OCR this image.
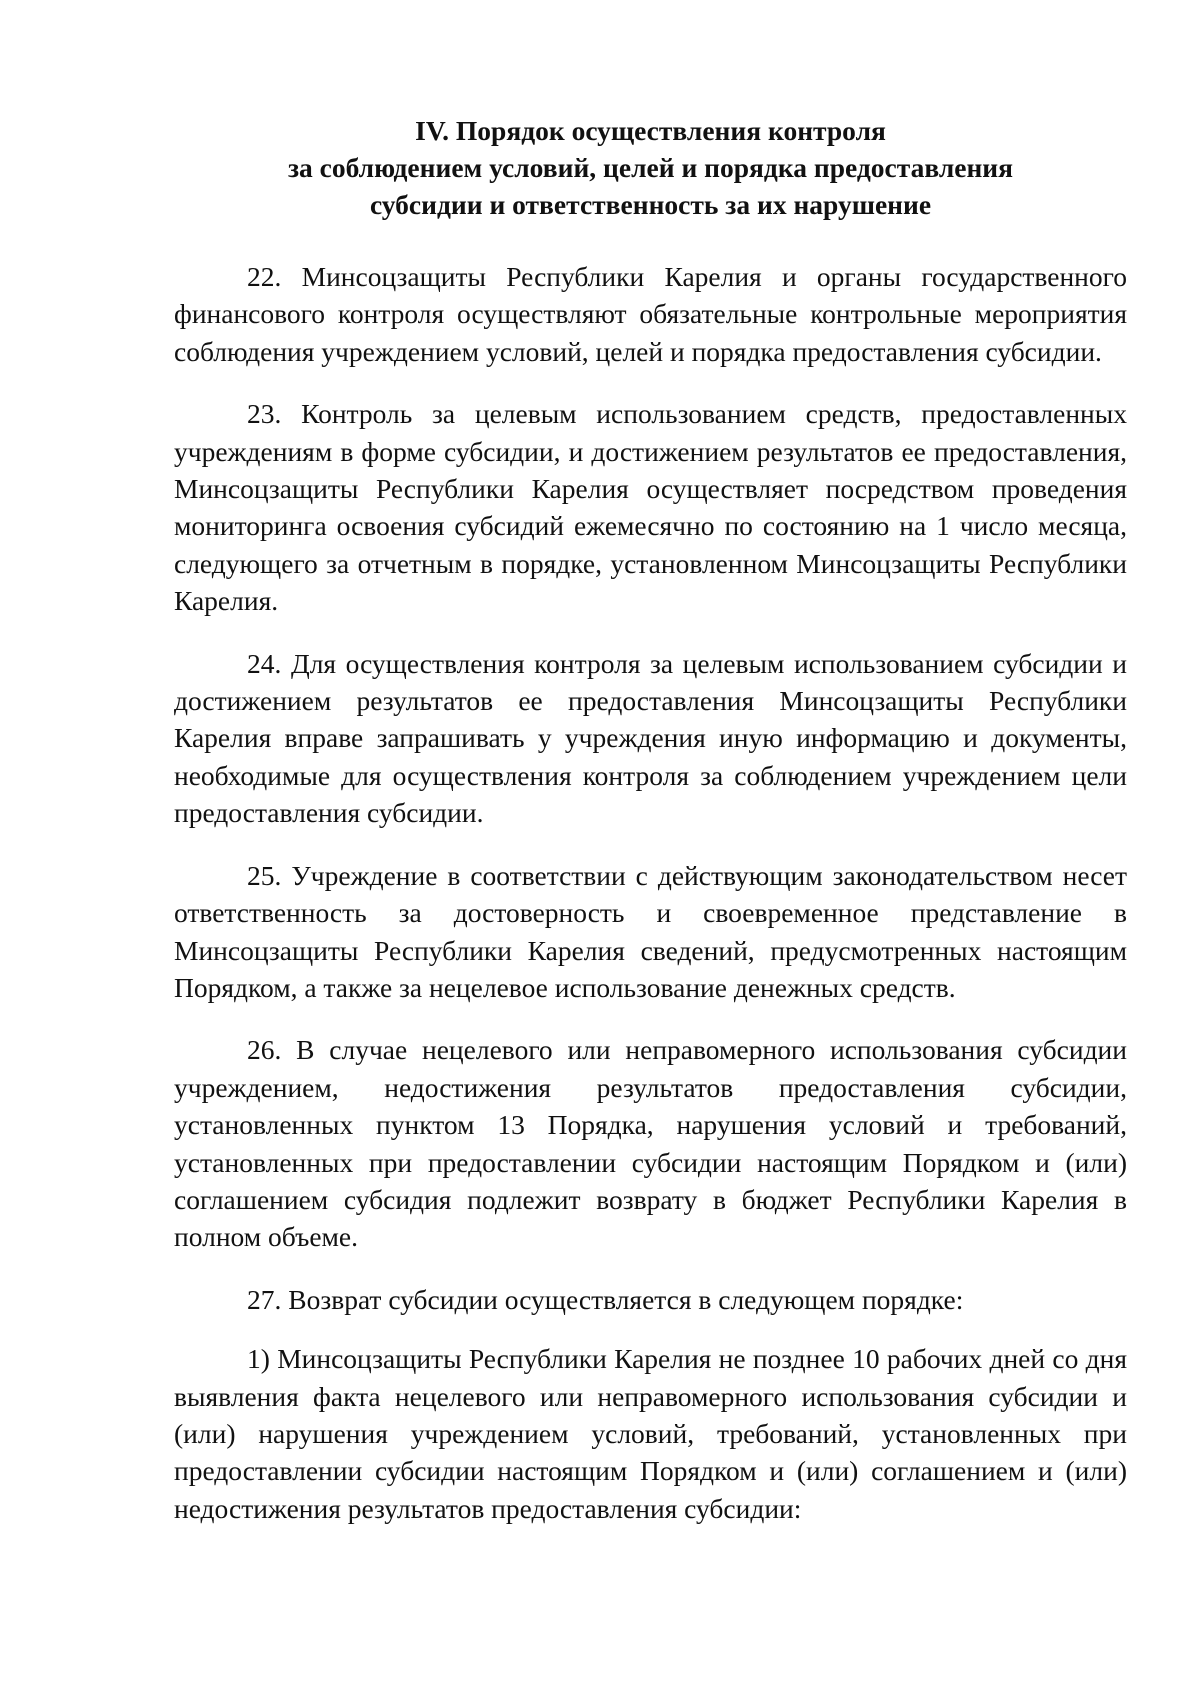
IV. Порядок осуществления контроля
за соблюдением условий, целей и порядка предоставления
субсидии и ответственность за их нарушение

22. Минсоцзащиты Республики Карелия и органы государственного финансового контроля осуществляют обязательные контрольные мероприятия соблюдения учреждением условий, целей и порядка предоставления субсидии.

23. Контроль за целевым использованием средств, предоставленных учреждениям в форме субсидии, и достижением результатов ее предоставления, Минсоцзащиты Республики Карелия осуществляет посредством проведения мониторинга освоения субсидий ежемесячно по состоянию на 1 число месяца, следующего за отчетным в порядке, установленном Минсоцзащиты Республики Карелия.

24. Для осуществления контроля за целевым использованием субсидии и достижением результатов ее предоставления Минсоцзащиты Республики Карелия вправе запрашивать у учреждения иную информацию и документы, необходимые для осуществления контроля за соблюдением учреждением цели предоставления субсидии.

25. Учреждение в соответствии с действующим законодательством несет ответственность за достоверность и своевременное представление в Минсоцзащиты Республики Карелия сведений, предусмотренных настоящим Порядком, а также за нецелевое использование денежных средств.

26. В случае нецелевого или неправомерного использования субсидии учреждением, недостижения результатов предоставления субсидии, установленных пунктом 13 Порядка, нарушения условий и требований, установленных при предоставлении субсидии настоящим Порядком и (или) соглашением субсидия подлежит возврату в бюджет Республики Карелия в полном объеме.

27. Возврат субсидии осуществляется в следующем порядке:

1) Минсоцзащиты Республики Карелия не позднее 10 рабочих дней со дня выявления факта нецелевого или неправомерного использования субсидии и (или) нарушения учреждением условий, требований, установленных при предоставлении субсидии настоящим Порядком и (или) соглашением и (или) недостижения результатов предоставления субсидии:
